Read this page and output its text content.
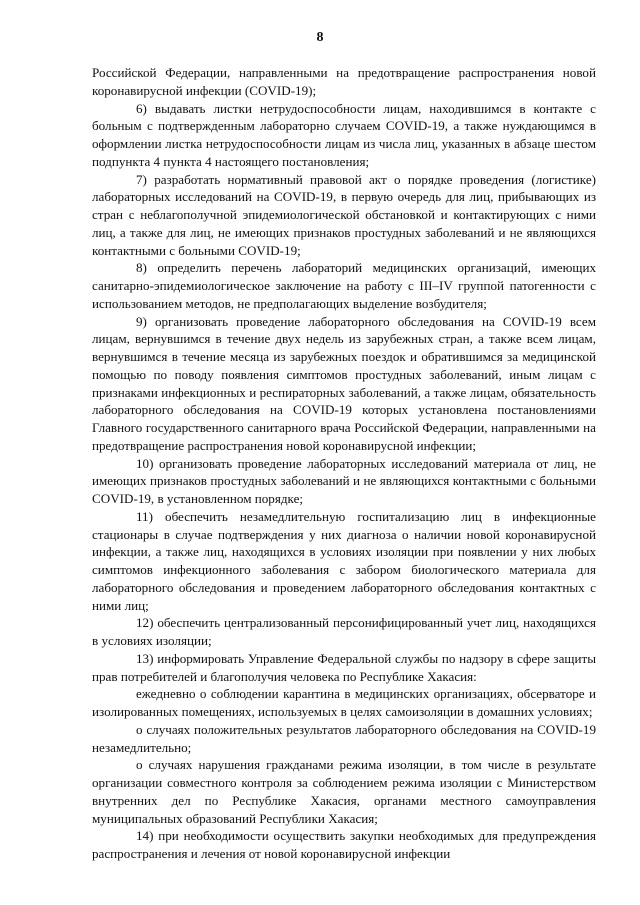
8

Российской Федерации, направленными на предотвращение распространения новой коронавирусной инфекции (COVID-19);

6) выдавать листки нетрудоспособности лицам, находившимся в контакте с больным с подтвержденным лабораторно случаем COVID-19, а также нуждающимся в оформлении листка нетрудоспособности лицам из числа лиц, указанных в абзаце шестом подпункта 4 пункта 4 настоящего постановления;

7) разработать нормативный правовой акт о порядке проведения (логистике) лабораторных исследований на COVID-19, в первую очередь для лиц, прибывающих из стран с неблагополучной эпидемиологической обстановкой и контактирующих с ними лиц, а также для лиц, не имеющих признаков простудных заболеваний и не являющихся контактными с больными COVID-19;

8) определить перечень лабораторий медицинских организаций, имеющих санитарно-эпидемиологическое заключение на работу с III–IV группой патогенности с использованием методов, не предполагающих выделение возбудителя;

9) организовать проведение лабораторного обследования на COVID-19 всем лицам, вернувшимся в течение двух недель из зарубежных стран, а также всем лицам, вернувшимся в течение месяца из зарубежных поездок и обратившимся за медицинской помощью по поводу появления симптомов простудных заболеваний, иным лицам с признаками инфекционных и респираторных заболеваний, а также лицам, обязательность лабораторного обследования на COVID-19 которых установлена постановлениями Главного государственного санитарного врача Российской Федерации, направленными на предотвращение распространения новой коронавирусной инфекции;

10) организовать проведение лабораторных исследований материала от лиц, не имеющих признаков простудных заболеваний и не являющихся контактными с больными COVID-19, в установленном порядке;

11) обеспечить незамедлительную госпитализацию лиц в инфекционные стационары в случае подтверждения у них диагноза о наличии новой коронавирусной инфекции, а также лиц, находящихся в условиях изоляции при появлении у них любых симптомов инфекционного заболевания с забором биологического материала для лабораторного обследования и проведением лабораторного обследования контактных с ними лиц;

12) обеспечить централизованный персонифицированный учет лиц, находящихся в условиях изоляции;

13) информировать Управление Федеральной службы по надзору в сфере защиты прав потребителей и благополучия человека по Республике Хакасия:

ежедневно о соблюдении карантина в медицинских организациях, обсерваторе и изолированных помещениях, используемых в целях самоизоляции в домашних условиях;

о случаях положительных результатов лабораторного обследования на COVID-19 незамедлительно;

о случаях нарушения гражданами режима изоляции, в том числе в результате организации совместного контроля за соблюдением режима изоляции с Министерством внутренних дел по Республике Хакасия, органами местного самоуправления муниципальных образований Республики Хакасия;

14) при необходимости осуществить закупки необходимых для предупреждения распространения и лечения от новой коронавирусной инфекции
